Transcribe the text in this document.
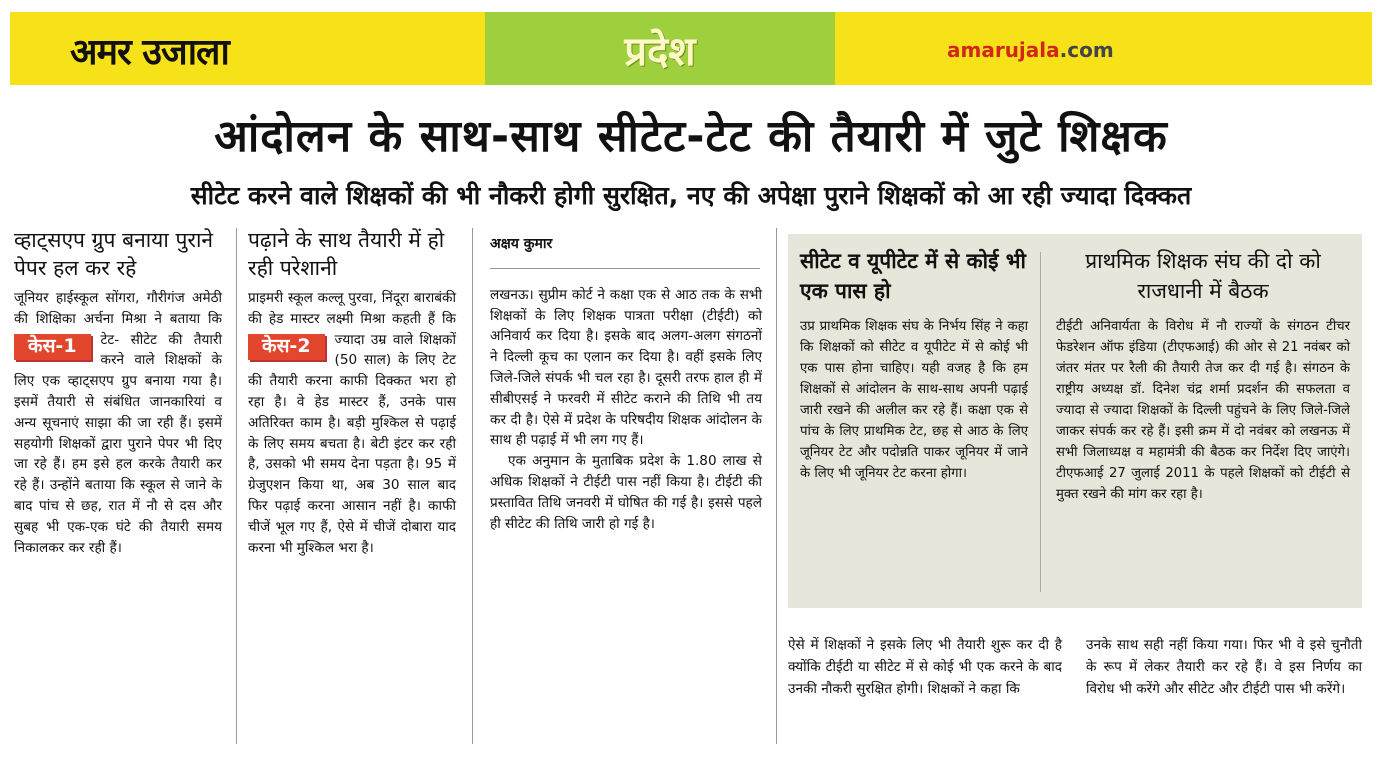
अमर उजाला	प्रदेश	amarujala.com
आंदोलन के साथ-साथ सीटेट-टेट की तैयारी में जुटे शिक्षक
सीटेट करने वाले शिक्षकों की भी नौकरी होगी सुरक्षित, नए की अपेक्षा पुराने शिक्षकों को आ रही ज्यादा दिक्कत
व्हाट्सएप ग्रुप बनाया पुराने पेपर हल कर रहे

जूनियर हाईस्कूल सोंगरा, गौरीगंज अमेठी की शिक्षिका अर्चना मिश्रा ने बताया कि टेट-
केस-1	सीटेट की तैयारी करने वाले शिक्षकों के लिए एक व्हाट्सएप ग्रुप बनाया गया है। इसमें तैयारी से संबंधित जानकारियां व अन्य सूचनाएं साझा की जा रही हैं। इसमें सहयोगी शिक्षकों द्वारा पुराने पेपर भी दिए जा रहे हैं। हम इसे हल करके तैयारी कर रहे हैं। उन्होंने बताया कि स्कूल से जाने के बाद पांच से छह, रात में नौ से दस और सुबह भी एक-एक घंटे की तैयारी समय निकालकर कर रही हैं।

पढ़ाने के साथ तैयारी में हो रही परेशानी

प्राइमरी स्कूल कल्लू पुरवा, निंदूरा बाराबंकी की हेड मास्टर लक्ष्मी मिश्रा कहती हैं कि ज्यादा
केस-2	उम्र वाले शिक्षकों (50 साल) के लिए टेट की तैयारी करना काफी दिक्कत भरा हो रहा है। वे हेड मास्टर हैं, उनके पास अतिरिक्त काम है। बड़ी मुश्किल से पढ़ाई के लिए समय बचता है। बेटी इंटर कर रही है, उसको भी समय देना पड़ता है। 95 में ग्रेजुएशन किया था, अब 30 साल बाद फिर पढ़ाई करना आसान नहीं है। काफी चीजें भूल गए हैं, ऐसे में चीजें दोबारा याद करना भी मुश्किल भरा है।

अक्षय कुमार

लखनऊ। सुप्रीम कोर्ट ने कक्षा एक से आठ तक के सभी शिक्षकों के लिए शिक्षक पात्रता परीक्षा (टीईटी) को अनिवार्य कर दिया है। इसके बाद अलग-अलग संगठनों ने दिल्ली कूच का एलान कर दिया है। वहीं इसके लिए जिले-जिले संपर्क भी चल रहा है। दूसरी तरफ हाल ही में सीबीएसई ने फरवरी में सीटेट कराने की तिथि भी तय कर दी है। ऐसे में प्रदेश के परिषदीय शिक्षक आंदोलन के साथ ही पढ़ाई में भी लग गए हैं।

एक अनुमान के मुताबिक प्रदेश के 1.80 लाख से अधिक शिक्षकों ने टीईटी पास नहीं किया है। टीईटी की प्रस्तावित तिथि जनवरी में घोषित की गई है। इससे पहले ही सीटेट की तिथि जारी हो गई है।

सीटेट व यूपीटेट में से कोई भी एक पास हो

उप्र प्राथमिक शिक्षक संघ के निर्भय सिंह ने कहा कि शिक्षकों को सीटेट व यूपीटेट में से कोई भी एक पास होना चाहिए। यही वजह है कि हम शिक्षकों से आंदोलन के साथ-साथ अपनी पढ़ाई जारी रखने की अलील कर रहे हैं। कक्षा एक से पांच के लिए प्राथमिक टेट, छह से आठ के लिए जूनियर टेट और पदोन्नति पाकर जूनियर में जाने के लिए भी जूनियर टेट करना होगा।

प्राथमिक शिक्षक संघ की दो को राजधानी में बैठक

टीईटी अनिवार्यता के विरोध में नौ राज्यों के संगठन टीचर फेडरेशन ऑफ इंडिया (टीएफआई) की ओर से 21 नवंबर को जंतर मंतर पर रैली की तैयारी तेज कर दी गई है। संगठन के राष्ट्रीय अध्यक्ष डॉ. दिनेश चंद्र शर्मा प्रदर्शन की सफलता व ज्यादा से ज्यादा शिक्षकों के दिल्ली पहुंचने के लिए जिले-जिले जाकर संपर्क कर रहे हैं। इसी क्रम में दो नवंबर को लखनऊ में सभी जिलाध्यक्ष व महामंत्री की बैठक कर निर्देश दिए जाएंगे। टीएफआई 27 जुलाई 2011 के पहले शिक्षकों को टीईटी से मुक्त रखने की मांग कर रहा है।

ऐसे में शिक्षकों ने इसके लिए भी तैयारी शुरू कर दी है क्योंकि टीईटी या सीटेट में से कोई भी एक करने के बाद उनकी नौकरी सुरक्षित होगी। शिक्षकों ने कहा कि
उनके साथ सही नहीं किया गया। फिर भी वे इसे चुनौती के रूप में लेकर तैयारी कर रहे हैं। वे इस निर्णय का विरोध भी करेंगे और सीटेट और टीईटी पास भी करेंगे।
